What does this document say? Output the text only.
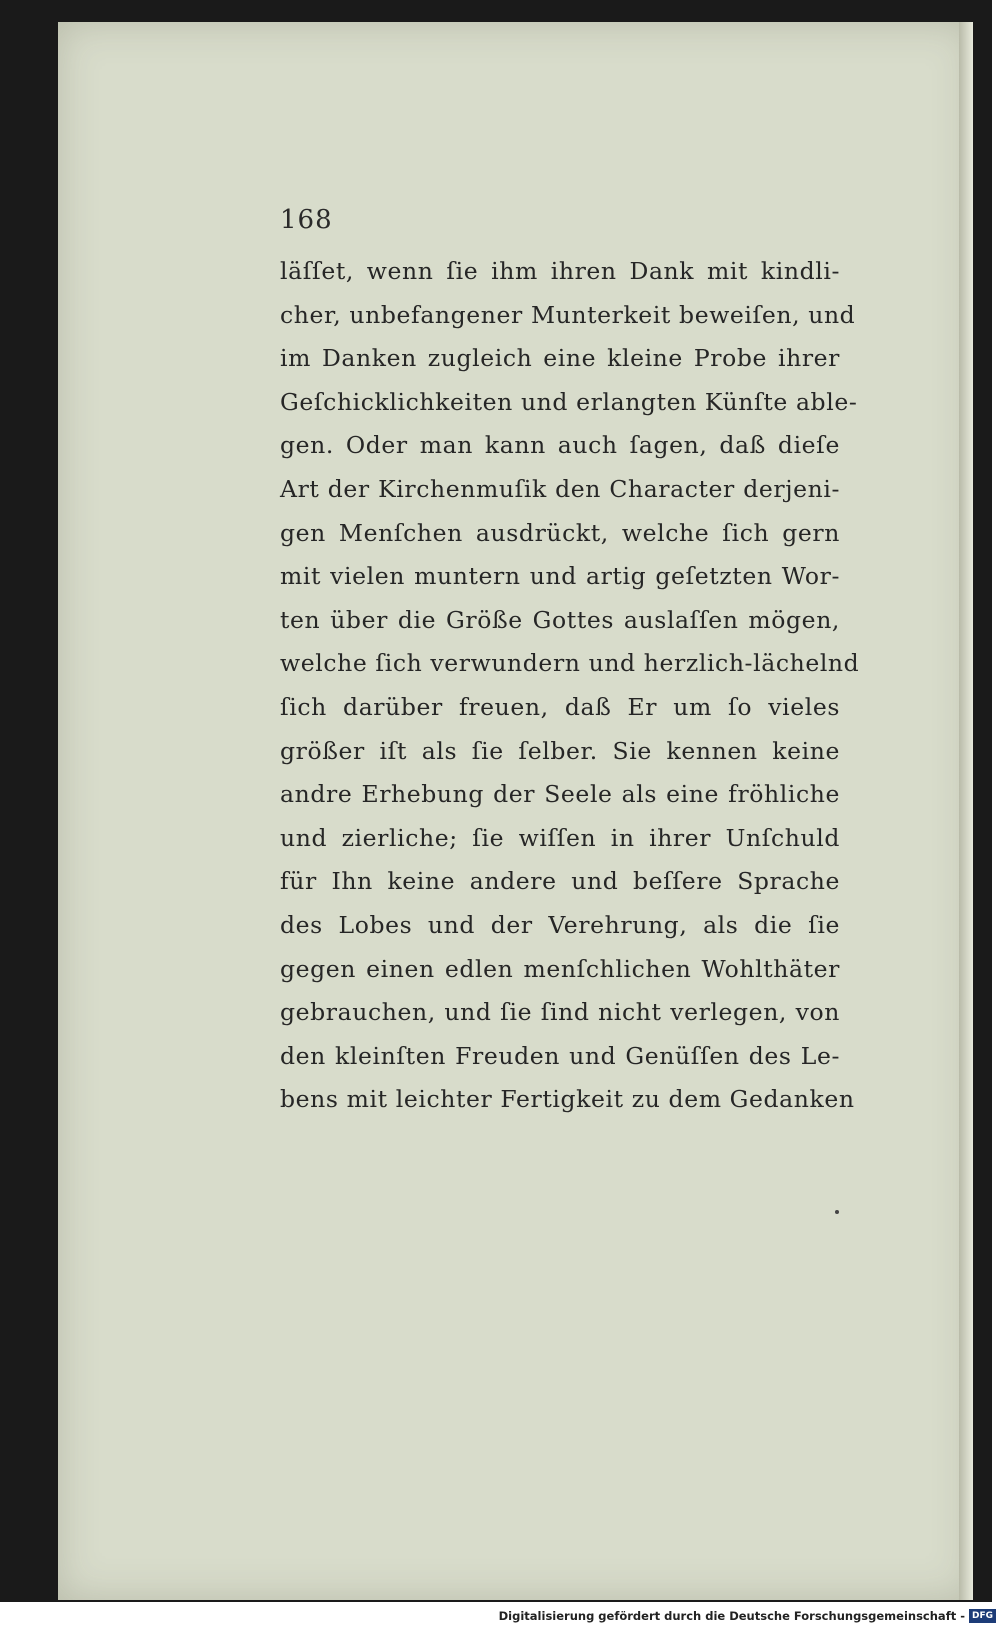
168
läſſet, wenn ſie ihm ihren Dank mit kindli-
cher, unbefangener Munterkeit beweiſen, und
im Danken zugleich eine kleine Probe ihrer
Geſchicklichkeiten und erlangten Künſte able-
gen. Oder man kann auch ſagen, daß dieſe
Art der Kirchenmuſik den Character derjeni-
gen Menſchen ausdrückt, welche ſich gern
mit vielen muntern und artig geſetzten Wor-
ten über die Größe Gottes auslaſſen mögen,
welche ſich verwundern und herzlich-lächelnd
ſich darüber freuen, daß Er um ſo vieles
größer iſt als ſie ſelber. Sie kennen keine
andre Erhebung der Seele als eine fröhliche
und zierliche; ſie wiſſen in ihrer Unſchuld
für Ihn keine andere und beſſere Sprache
des Lobes und der Verehrung, als die ſie
gegen einen edlen menſchlichen Wohlthäter
gebrauchen, und ſie ſind nicht verlegen, von
den kleinſten Freuden und Genüſſen des Le-
bens mit leichter Fertigkeit zu dem Gedanken
Digitalisierung gefördert durch die Deutsche Forschungsgemeinschaft - DFG
